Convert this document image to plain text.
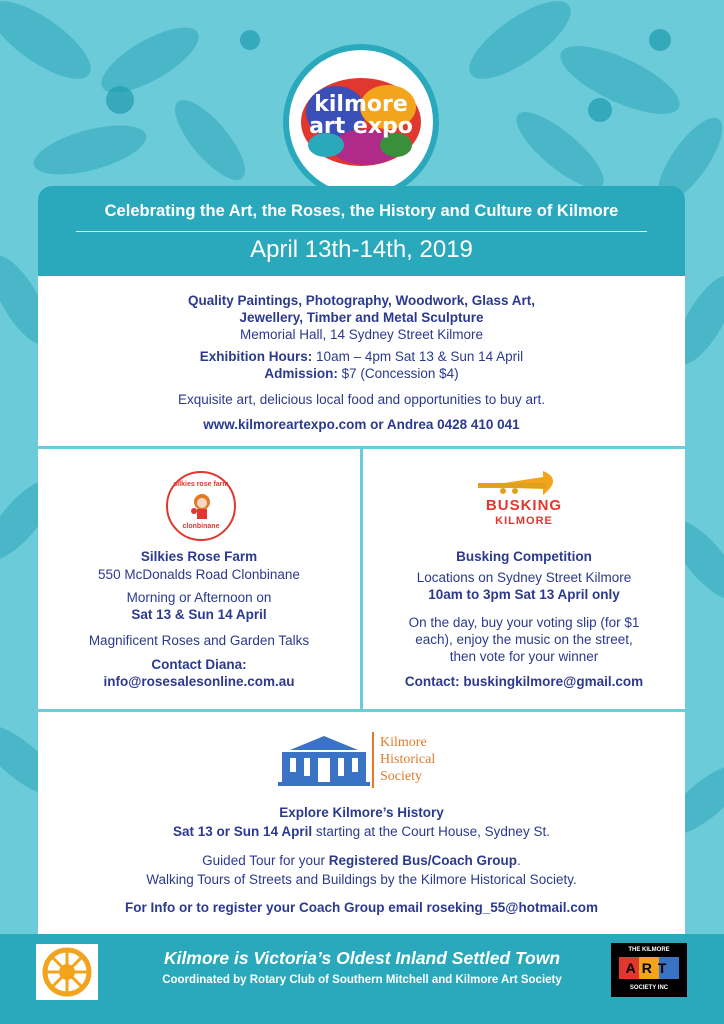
kilmore
art expo
Celebrating the Art, the Roses, the History and Culture of Kilmore
April 13th-14th, 2019
Quality Paintings, Photography, Woodwork, Glass Art,
Jewellery, Timber and Metal Sculpture
Memorial Hall, 14 Sydney Street Kilmore
Exhibition Hours: 10am – 4pm Sat 13 & Sun 14 April
Admission: $7 (Concession $4)
Exquisite art, delicious local food and opportunities to buy art.
www.kilmoreartexpo.com or Andrea 0428 410 041
silkies rose farm
clonbinane
Silkies Rose Farm
550 McDonalds Road Clonbinane
Morning or Afternoon on
Sat 13 & Sun 14 April
Magnificent Roses and Garden Talks
Contact Diana:
info@rosesalesonline.com.au
BUSKING
KILMORE
Busking Competition
Locations on Sydney Street Kilmore
10am to 3pm Sat 13 April only
On the day, buy your voting slip (for $1
each), enjoy the music on the street,
then vote for your winner
Contact: buskingkilmore@gmail.com
Kilmore
Historical
Society
Explore Kilmore’s History
Sat 13 or Sun 14 April starting at the Court House, Sydney St.
Guided Tour for your Registered Bus/Coach Group.
Walking Tours of Streets and Buildings by the Kilmore Historical Society.
For Info or to register your Coach Group email roseking_55@hotmail.com
Kilmore is Victoria’s Oldest Inland Settled Town
Coordinated by Rotary Club of Southern Mitchell and Kilmore Art Society
THE KILMORE
ART
SOCIETY INC
